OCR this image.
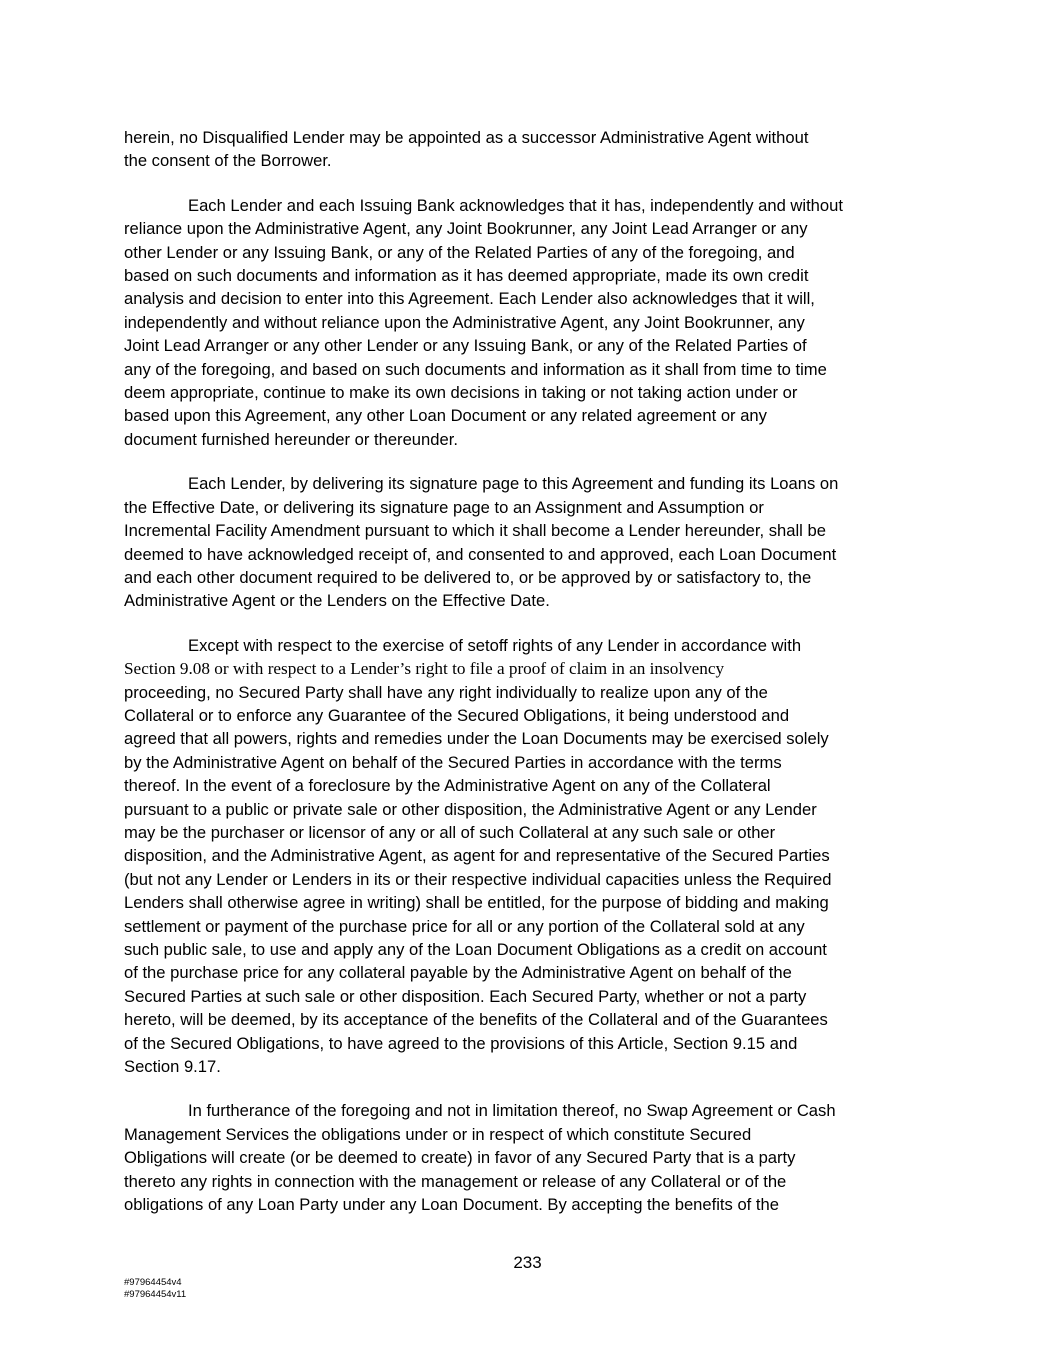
herein, no Disqualified Lender may be appointed as a successor Administrative Agent without
the consent of the Borrower.

Each Lender and each Issuing Bank acknowledges that it has, independently and without
reliance upon the Administrative Agent, any Joint Bookrunner, any Joint Lead Arranger or any
other Lender or any Issuing Bank, or any of the Related Parties of any of the foregoing, and
based on such documents and information as it has deemed appropriate, made its own credit
analysis and decision to enter into this Agreement. Each Lender also acknowledges that it will,
independently and without reliance upon the Administrative Agent, any Joint Bookrunner, any
Joint Lead Arranger or any other Lender or any Issuing Bank, or any of the Related Parties of
any of the foregoing, and based on such documents and information as it shall from time to time
deem appropriate, continue to make its own decisions in taking or not taking action under or
based upon this Agreement, any other Loan Document or any related agreement or any
document furnished hereunder or thereunder.

Each Lender, by delivering its signature page to this Agreement and funding its Loans on
the Effective Date, or delivering its signature page to an Assignment and Assumption or
Incremental Facility Amendment pursuant to which it shall become a Lender hereunder, shall be
deemed to have acknowledged receipt of, and consented to and approved, each Loan Document
and each other document required to be delivered to, or be approved by or satisfactory to, the
Administrative Agent or the Lenders on the Effective Date.

Except with respect to the exercise of setoff rights of any Lender in accordance with
Section 9.08 or with respect to a Lender’s right to file a proof of claim in an insolvency
proceeding, no Secured Party shall have any right individually to realize upon any of the
Collateral or to enforce any Guarantee of the Secured Obligations, it being understood and
agreed that all powers, rights and remedies under the Loan Documents may be exercised solely
by the Administrative Agent on behalf of the Secured Parties in accordance with the terms
thereof. In the event of a foreclosure by the Administrative Agent on any of the Collateral
pursuant to a public or private sale or other disposition, the Administrative Agent or any Lender
may be the purchaser or licensor of any or all of such Collateral at any such sale or other
disposition, and the Administrative Agent, as agent for and representative of the Secured Parties
(but not any Lender or Lenders in its or their respective individual capacities unless the Required
Lenders shall otherwise agree in writing) shall be entitled, for the purpose of bidding and making
settlement or payment of the purchase price for all or any portion of the Collateral sold at any
such public sale, to use and apply any of the Loan Document Obligations as a credit on account
of the purchase price for any collateral payable by the Administrative Agent on behalf of the
Secured Parties at such sale or other disposition. Each Secured Party, whether or not a party
hereto, will be deemed, by its acceptance of the benefits of the Collateral and of the Guarantees
of the Secured Obligations, to have agreed to the provisions of this Article, Section 9.15 and
Section 9.17.

In furtherance of the foregoing and not in limitation thereof, no Swap Agreement or Cash
Management Services the obligations under or in respect of which constitute Secured
Obligations will create (or be deemed to create) in favor of any Secured Party that is a party
thereto any rights in connection with the management or release of any Collateral or of the
obligations of any Loan Party under any Loan Document. By accepting the benefits of the

233
#97964454v4
#97964454v11
